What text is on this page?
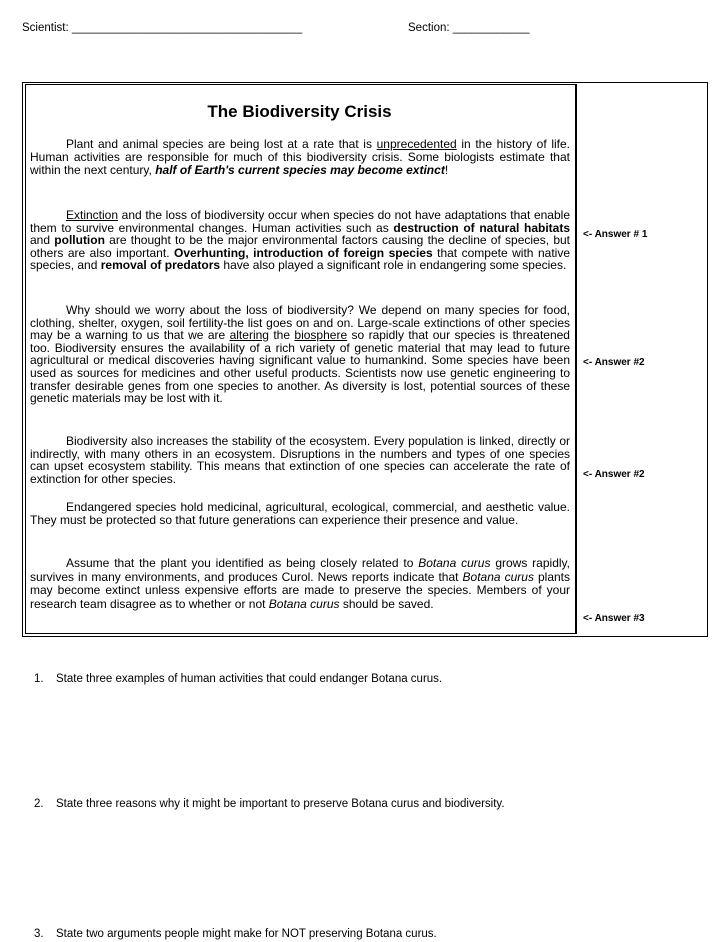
Scientist: ____________________________________	Section: ____________
The Biodiversity Crisis
Plant and animal species are being lost at a rate that is unprecedented in the history of life. Human activities are responsible for much of this biodiversity crisis. Some biologists estimate that within the next century, half of Earth's current species may become extinct!
Extinction and the loss of biodiversity occur when species do not have adaptations that enable them to survive environmental changes. Human activities such as destruction of natural habitats and pollution are thought to be the major environmental factors causing the decline of species, but others are also important. Overhunting, introduction of foreign species that compete with native species, and removal of predators have also played a significant role in endangering some species.
Why should we worry about the loss of biodiversity? We depend on many species for food, clothing, shelter, oxygen, soil fertility-the list goes on and on. Large-scale extinctions of other species may be a warning to us that we are altering the biosphere so rapidly that our species is threatened too. Biodiversity ensures the availability of a rich variety of genetic material that may lead to future agricultural or medical discoveries having significant value to humankind. Some species have been used as sources for medicines and other useful products. Scientists now use genetic engineering to transfer desirable genes from one species to another. As diversity is lost, potential sources of these genetic materials may be lost with it.
Biodiversity also increases the stability of the ecosystem. Every population is linked, directly or indirectly, with many others in an ecosystem. Disruptions in the numbers and types of one species can upset ecosystem stability. This means that extinction of one species can accelerate the rate of extinction for other species.
Endangered species hold medicinal, agricultural, ecological, commercial, and aesthetic value. They must be protected so that future generations can experience their presence and value.
Assume that the plant you identified as being closely related to Botana curus grows rapidly, survives in many environments, and produces Curol. News reports indicate that Botana curus plants may become extinct unless expensive efforts are made to preserve the species. Members of your research team disagree as to whether or not Botana curus should be saved.
<- Answer # 1
<- Answer #2
<- Answer #2
<- Answer #3
1. State three examples of human activities that could endanger Botana curus.
2. State three reasons why it might be important to preserve Botana curus and biodiversity.
3. State two arguments people might make for NOT preserving Botana curus.
